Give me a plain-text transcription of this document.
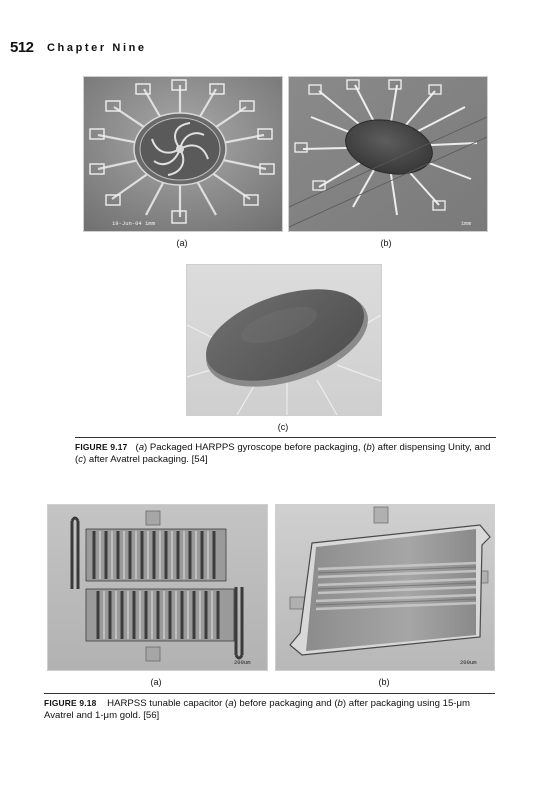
512 Chapter Nine
19-Jun-04 1mm
(a)
1mm
(b)
(c)
FIGURE 9.17 (a) Packaged HARPPS gyroscope before packaging, (b) after dispensing Unity, and (c) after Avatrel packaging. [54]
200um
(a)
200um
(b)
FIGURE 9.18 HARPSS tunable capacitor (a) before packaging and (b) after packaging using 15-μm Avatrel and 1-μm gold. [56]
